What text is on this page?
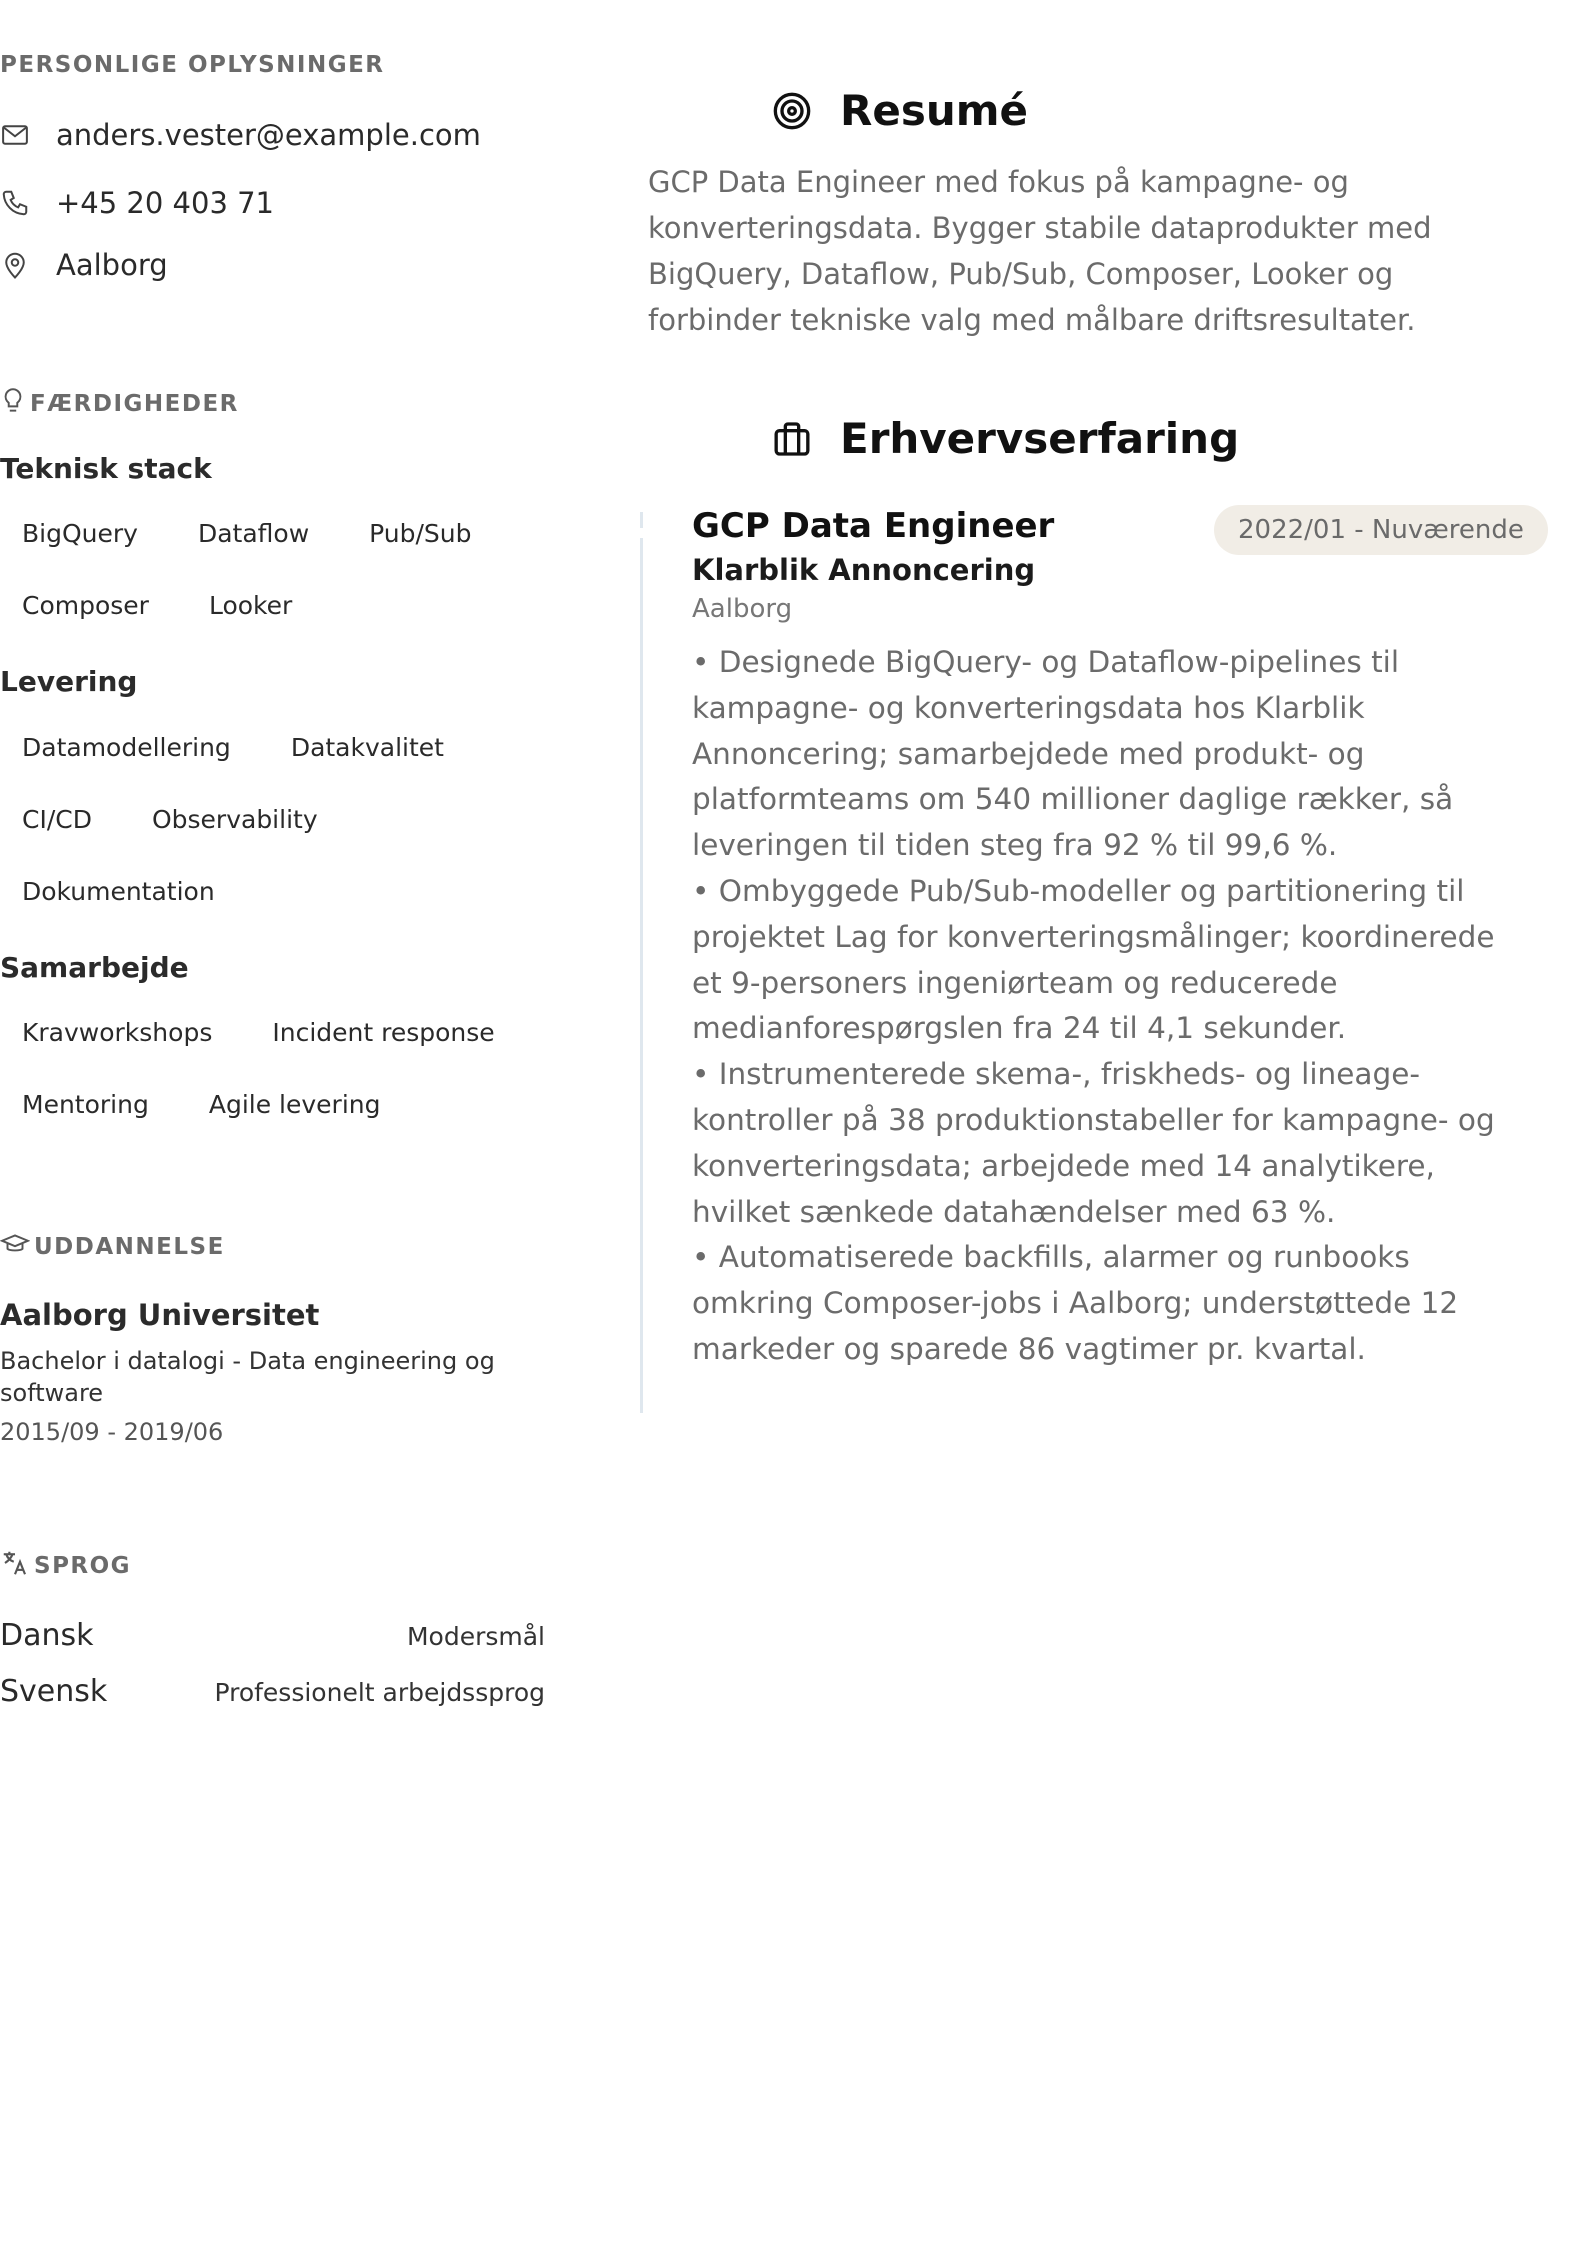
PERSONLIGE OPLYSNINGER
anders.vester@example.com
+45 20 403 71
Aalborg
FÆRDIGHEDER
Teknisk stack
BigQuery	Dataflow	Pub/Sub
Composer	Looker
Levering
Datamodellering	Datakvalitet
CI/CD	Observability
Dokumentation
Samarbejde
Kravworkshops	Incident response
Mentoring	Agile levering
UDDANNELSE
Aalborg Universitet
Bachelor i datalogi - Data engineering og software
2015/09 - 2019/06
SPROG
Dansk	Modersmål
Svensk	Professionelt arbejdssprog
Resumé
GCP Data Engineer med fokus på kampagne- og konverteringsdata. Bygger stabile dataprodukter med BigQuery, Dataflow, Pub/Sub, Composer, Looker og forbinder tekniske valg med målbare driftsresultater.
Erhvervserfaring
GCP Data Engineer	2022/01 - Nuværende
Klarblik Annoncering
Aalborg

• Designede BigQuery- og Dataflow-pipelines til kampagne- og konverteringsdata hos Klarblik Annoncering; samarbejdede med produkt- og platformteams om 540 millioner daglige rækker, så leveringen til tiden steg fra 92 % til 99,6 %.

• Ombyggede Pub/Sub-modeller og partitionering til projektet Lag for konverteringsmålinger; koordinerede et 9-personers ingeniørteam og reducerede medianforespørgslen fra 24 til 4,1 sekunder.

• Instrumenterede skema-, friskheds- og lineage-kontroller på 38 produktionstabeller for kampagne- og konverteringsdata; arbejdede med 14 analytikere, hvilket sænkede datahændelser med 63 %.

• Automatiserede backfills, alarmer og runbooks omkring Composer-jobs i Aalborg; understøttede 12 markeder og sparede 86 vagtimer pr. kvartal.
